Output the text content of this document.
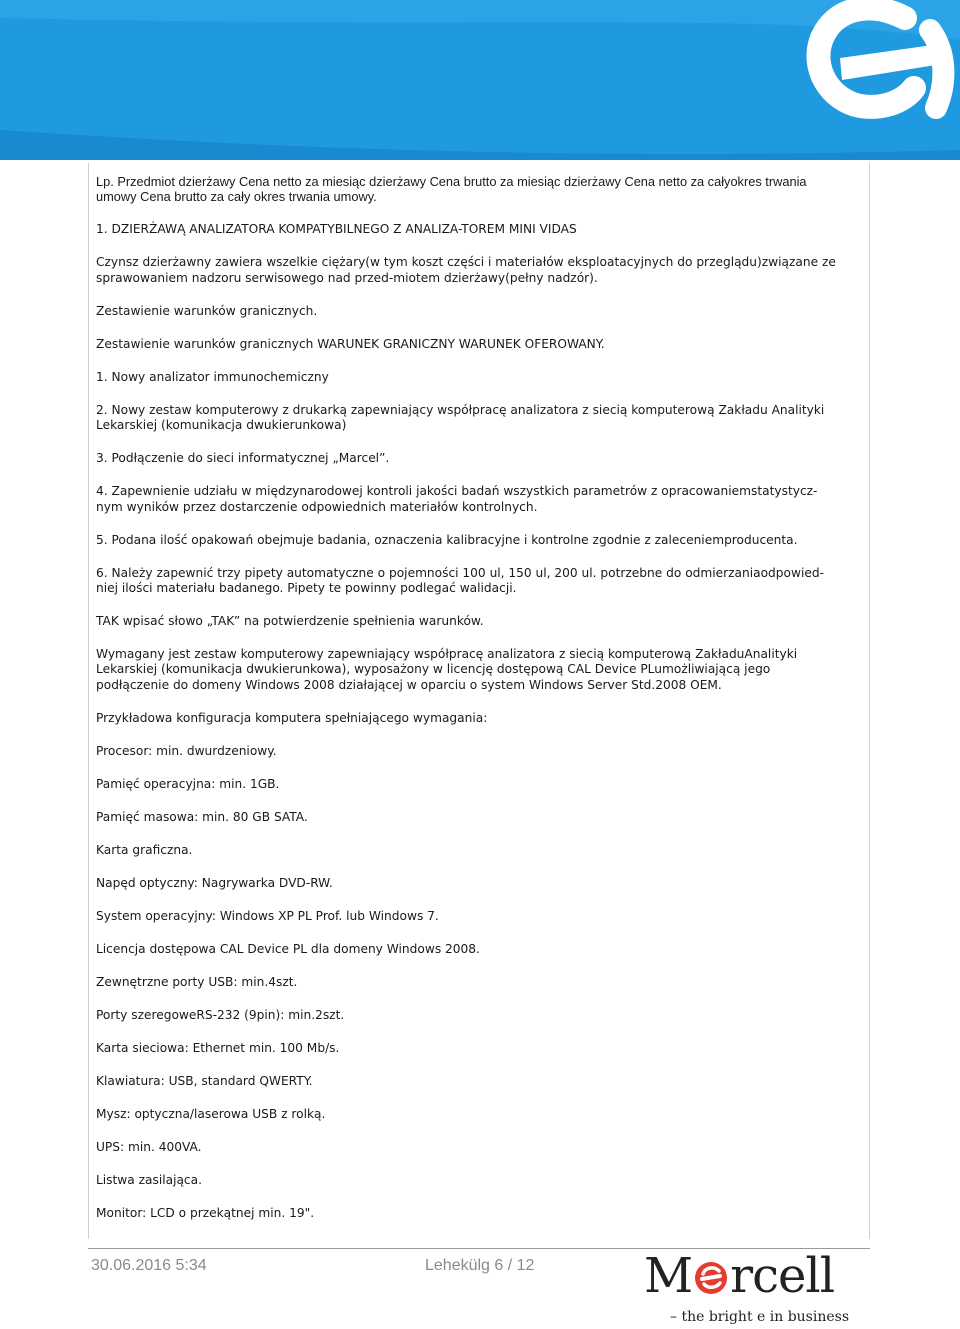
Lp. Przedmiot dzierżawy Cena netto za miesiąc dzierżawy Cena brutto za miesiąc dzierżawy Cena netto za całyokres trwania umowy Cena brutto za cały okres trwania umowy.

1. DZIERŻAWĄ ANALIZATORA KOMPATYBILNEGO Z ANALIZA-TOREM MINI VIDAS

Czynsz dzierżawny zawiera wszelkie ciężary(w tym koszt części i materiałów eksploatacyjnych do przeglądu)związane ze sprawowaniem nadzoru serwisowego nad przed-miotem dzierżawy(pełny nadzór).

Zestawienie warunków granicznych.

Zestawienie warunków granicznych WARUNEK GRANICZNY WARUNEK OFEROWANY.

1. Nowy analizator immunochemiczny

2. Nowy zestaw komputerowy z drukarką zapewniający współpracę analizatora z siecią komputerową Zakładu Analityki Lekarskiej (komunikacja dwukierunkowa)

3. Podłączenie do sieci informatycznej „Marcel”.

4. Zapewnienie udziału w międzynarodowej kontroli jakości badań wszystkich parametrów z opracowaniemstatystycz-nym wyników przez dostarczenie odpowiednich materiałów kontrolnych.

5. Podana ilość opakowań obejmuje badania, oznaczenia kalibracyjne i kontrolne zgodnie z zaleceniemproducenta.

6. Należy zapewnić trzy pipety automatyczne o pojemności 100 ul, 150 ul, 200 ul. potrzebne do odmierzaniaodpowied-niej ilości materiału badanego. Pipety te powinny podlegać walidacji.

TAK wpisać słowo „TAK” na potwierdzenie spełnienia warunków.

Wymagany jest zestaw komputerowy zapewniający współpracę analizatora z siecią komputerową ZakładuAnalityki Lekarskiej (komunikacja dwukierunkowa), wyposażony w licencję dostępową CAL Device PLumożliwiającą jego podłączenie do domeny Windows 2008 działającej w oparciu o system Windows Server Std.2008 OEM.

Przykładowa konfiguracja komputera spełniającego wymagania:

Procesor: min. dwurdzeniowy.

Pamięć operacyjna: min. 1GB.

Pamięć masowa: min. 80 GB SATA.

Karta graficzna.

Napęd optyczny: Nagrywarka DVD-RW.

System operacyjny: Windows XP PL Prof. lub Windows 7.

Licencja dostępowa CAL Device PL dla domeny Windows 2008.

Zewnętrzne porty USB: min.4szt.

Porty szeregoweRS-232 (9pin): min.2szt.

Karta sieciowa: Ethernet min. 100 Mb/s.

Klawiatura: USB, standard QWERTY.

Mysz: optyczna/laserowa USB z rolką.

UPS: min. 400VA.

Listwa zasilająca.

Monitor: LCD o przekątnej min. 19".

30.06.2016 5:34	Lehekülg 6 / 12 M rcell
– the bright e in business
